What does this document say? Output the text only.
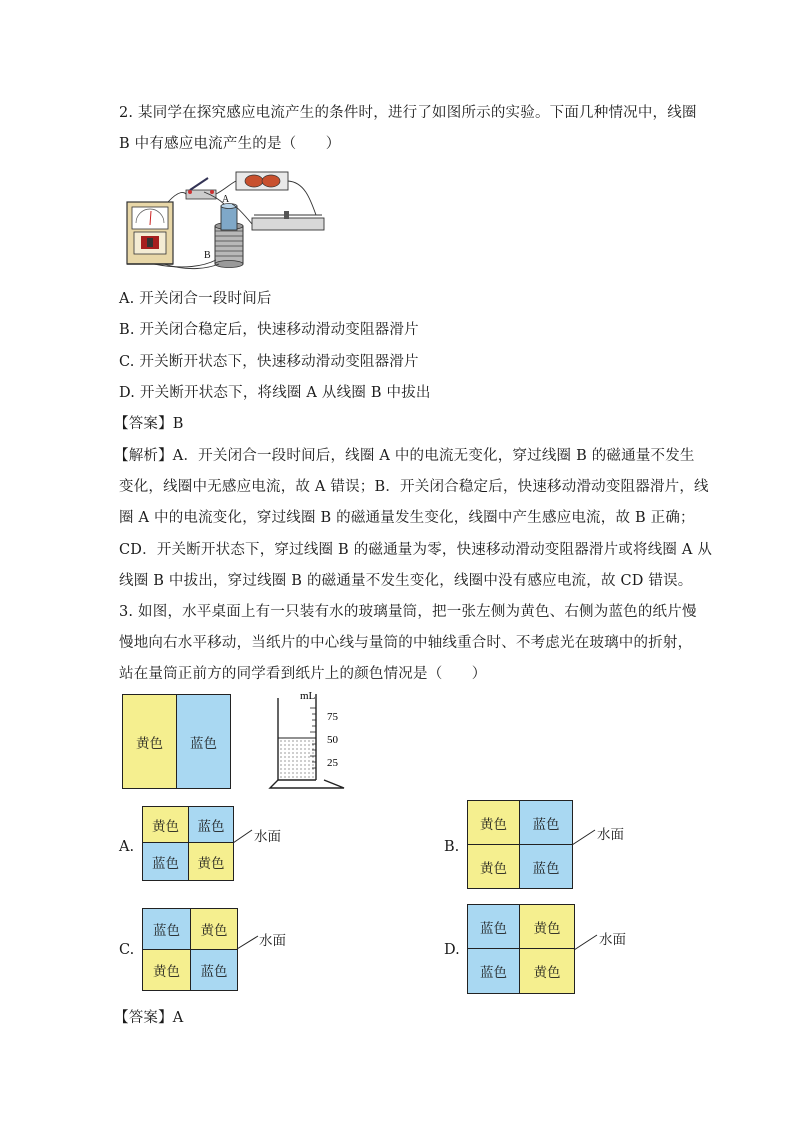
2. 某同学在探究感应电流产生的条件时，进行了如图所示的实验。下面几种情况中，线圈
B 中有感应电流产生的是（　　）
A
B
A. 开关闭合一段时间后
B. 开关闭合稳定后，快速移动滑动变阻器滑片
C. 开关断开状态下，快速移动滑动变阻器滑片
D. 开关断开状态下，将线圈 A 从线圈 B 中拔出
【答案】B
【解析】A．开关闭合一段时间后，线圈 A 中的电流无变化，穿过线圈 B 的磁通量不发生
变化，线圈中无感应电流，故 A 错误；B．开关闭合稳定后，快速移动滑动变阻器滑片，线
圈 A 中的电流变化，穿过线圈 B 的磁通量发生变化，线圈中产生感应电流，故 B 正确；
CD．开关断开状态下，穿过线圈 B 的磁通量为零，快速移动滑动变阻器滑片或将线圈 A 从
线圈 B 中拔出，穿过线圈 B 的磁通量不发生变化，线圈中没有感应电流，故 CD 错误。
3. 如图，水平桌面上有一只装有水的玻璃量筒，把一张左侧为黄色、右侧为蓝色的纸片慢
慢地向右水平移动，当纸片的中心线与量筒的中轴线重合时、不考虑光在玻璃中的折射，
站在量筒正前方的同学看到纸片上的颜色情况是（　　）
黄色	蓝色
mL
75
50
25
A.
黄色	蓝色
蓝色	黄色
水面
B.
黄色	蓝色
黄色	蓝色
水面
C.
蓝色	黄色
黄色	蓝色
水面
D.
蓝色	黄色
蓝色	黄色
水面
【答案】A
